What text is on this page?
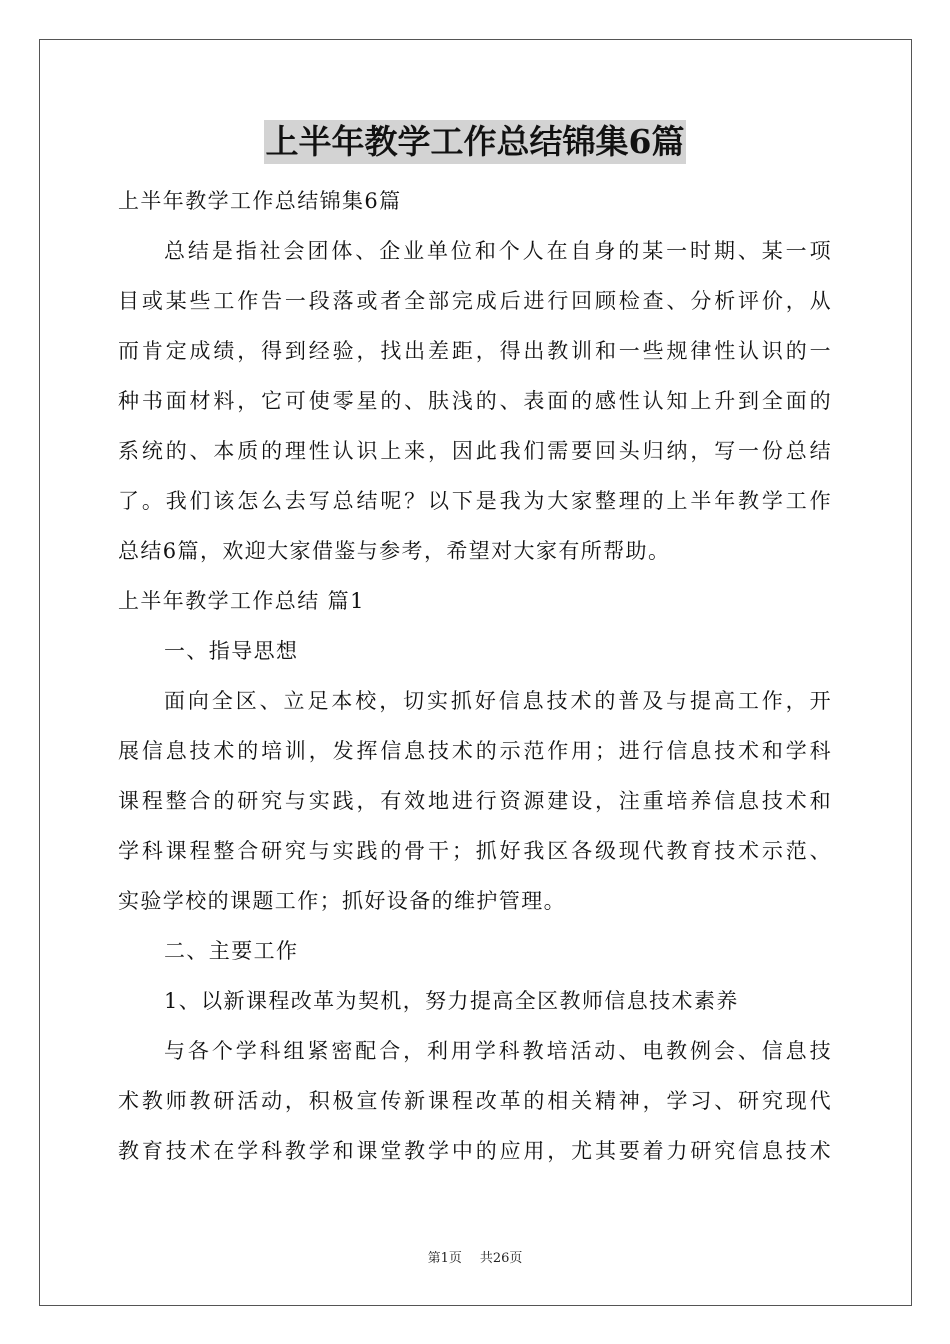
上半年教学工作总结锦集6篇
上半年教学工作总结锦集6篇
总结是指社会团体、企业单位和个人在自身的某一时期、某一项
目或某些工作告一段落或者全部完成后进行回顾检查、分析评价，从
而肯定成绩，得到经验，找出差距，得出教训和一些规律性认识的一
种书面材料，它可使零星的、肤浅的、表面的感性认知上升到全面的
系统的、本质的理性认识上来，因此我们需要回头归纳，写一份总结
了。我们该怎么去写总结呢？以下是我为大家整理的上半年教学工作
总结6篇，欢迎大家借鉴与参考，希望对大家有所帮助。
上半年教学工作总结 篇1
一、指导思想
面向全区、立足本校，切实抓好信息技术的普及与提高工作，开
展信息技术的培训，发挥信息技术的示范作用；进行信息技术和学科
课程整合的研究与实践，有效地进行资源建设，注重培养信息技术和
学科课程整合研究与实践的骨干；抓好我区各级现代教育技术示范、
实验学校的课题工作；抓好设备的维护管理。
二、主要工作
1、以新课程改革为契机，努力提高全区教师信息技术素养
与各个学科组紧密配合，利用学科教培活动、电教例会、信息技
术教师教研活动，积极宣传新课程改革的相关精神，学习、研究现代
教育技术在学科教学和课堂教学中的应用，尤其要着力研究信息技术
第1页 共26页
